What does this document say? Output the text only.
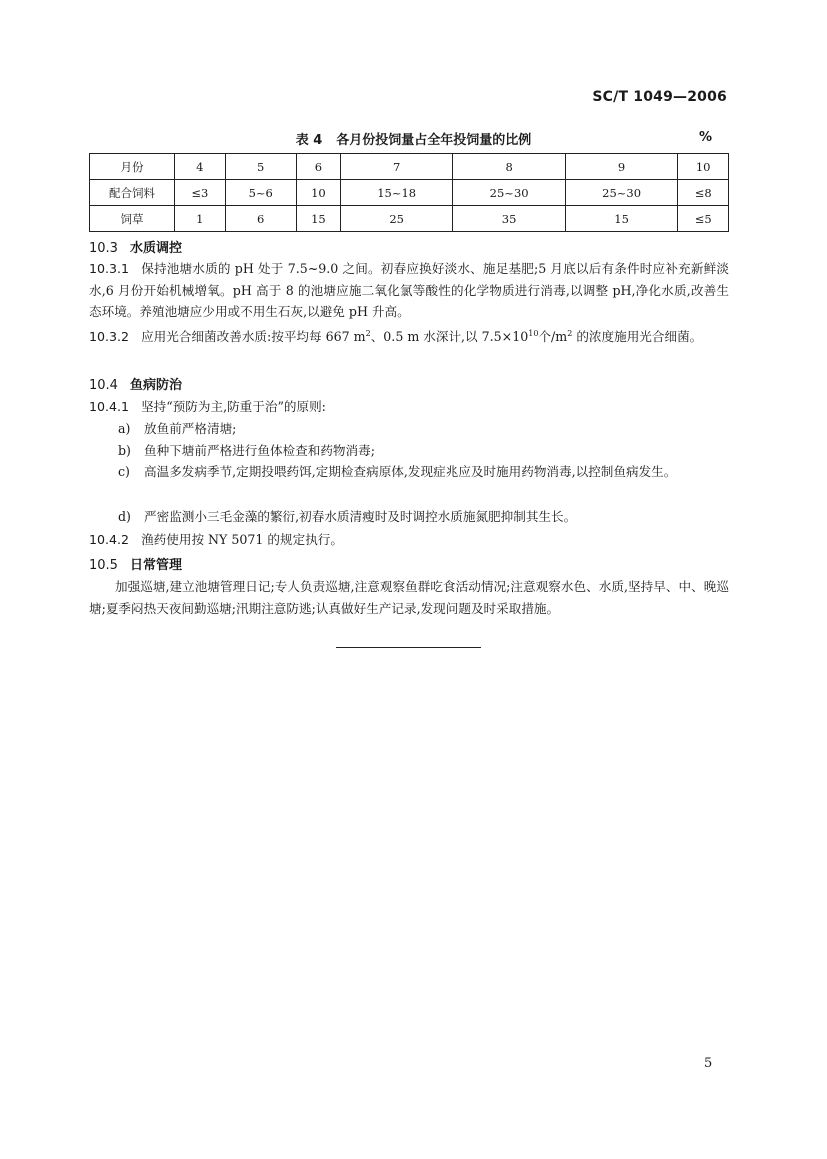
SC/T 1049—2006
表 4 各月份投饲量占全年投饲量的比例	%
月份	4	5	6	7	8	9	10
配合饲料	≤3	5~6	10	15~18	25~30	25~30	≤8
饲草	1	6	15	25	35	15	≤5
10.3 水质调控
10.3.1 保持池塘水质的 pH 处于 7.5~9.0 之间。初春应换好淡水、施足基肥;5 月底以后有条件时应补充新鲜淡水,6 月份开始机械增氧。pH 高于 8 的池塘应施二氧化氯等酸性的化学物质进行消毒,以调整 pH,净化水质,改善生态环境。养殖池塘应少用或不用生石灰,以避免 pH 升高。
10.3.2 应用光合细菌改善水质:按平均每 667 $m^2$、0.5 m 水深计,以 $7.5\times 10^{10}$个$/m^2$ 的浓度施用光合细菌。
10.4 鱼病防治
10.4.1 坚持“预防为主,防重于治”的原则:
a) 放鱼前严格清塘;
b) 鱼种下塘前严格进行鱼体检查和药物消毒;
c) 高温多发病季节,定期投喂药饵,定期检查病原体,发现症兆应及时施用药物消毒,以控制鱼病发生。
d) 严密监测小三毛金藻的繁衍,初春水质清瘦时及时调控水质施氮肥抑制其生长。
10.4.2 渔药使用按 NY 5071 的规定执行。
10.5 日常管理
加强巡塘,建立池塘管理日记;专人负责巡塘,注意观察鱼群吃食活动情况;注意观察水色、水质,坚持早、中、晚巡塘;夏季闷热天夜间勤巡塘;汛期注意防逃;认真做好生产记录,发现问题及时采取措施。
5
